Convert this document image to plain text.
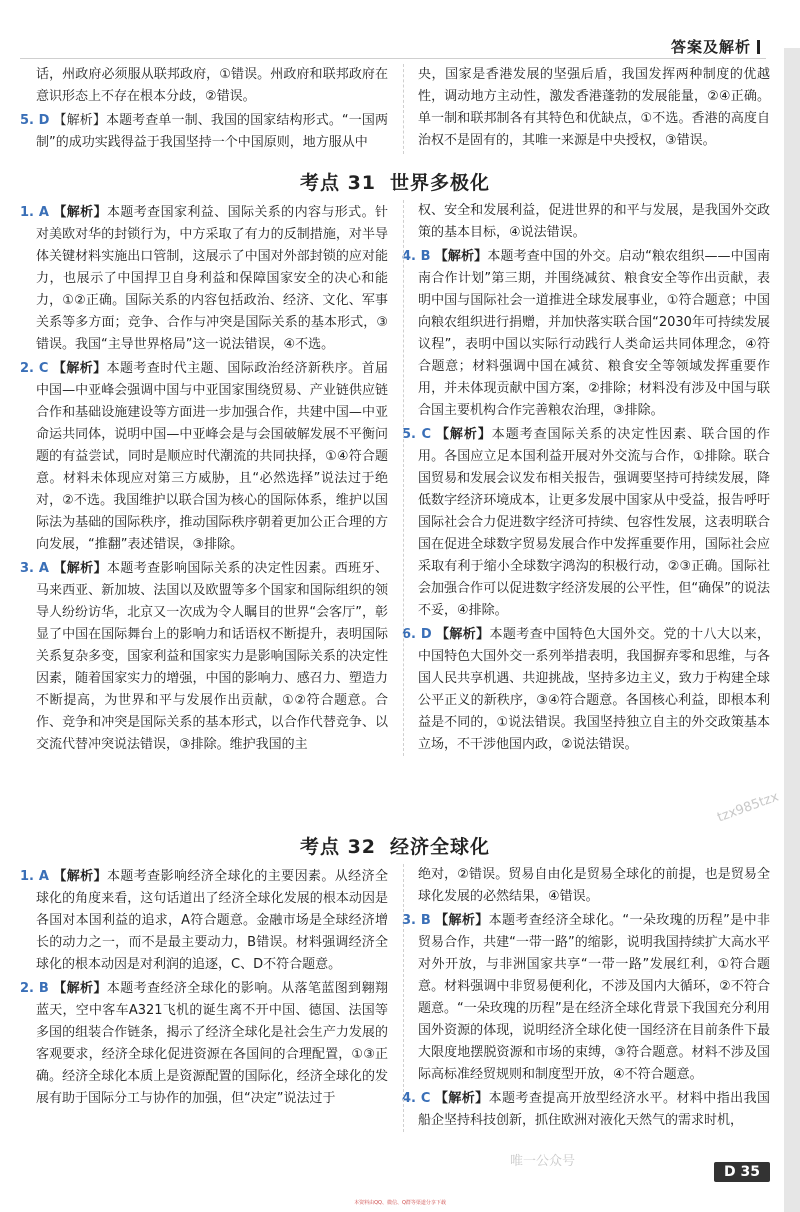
答案及解析

话，州政府必须服从联邦政府，①错误。州政府和联邦政府在意识形态上不存在根本分歧，②错误。

5. D 【解析】本题考查单一制、我国的国家结构形式。“一国两制”的成功实践得益于我国坚持一个中国原则，地方服从中

央，国家是香港发展的坚强后盾，我国发挥两种制度的优越性，调动地方主动性，激发香港蓬勃的发展能量，②④正确。单一制和联邦制各有其特色和优缺点，①不选。香港的高度自治权不是固有的，其唯一来源是中央授权，③错误。

考点 31 世界多极化

1. A 【解析】本题考查国家利益、国际关系的内容与形式。针对美欧对华的封锁行为，中方采取了有力的反制措施，对半导体关键材料实施出口管制，这展示了中国对外部封锁的应对能力，也展示了中国捍卫自身利益和保障国家安全的决心和能力，①②正确。国际关系的内容包括政治、经济、文化、军事关系等多方面；竞争、合作与冲突是国际关系的基本形式，③错误。我国“主导世界格局”这一说法错误，④不选。

2. C 【解析】本题考查时代主题、国际政治经济新秩序。首届中国—中亚峰会强调中国与中亚国家围绕贸易、产业链供应链合作和基础设施建设等方面进一步加强合作，共建中国—中亚命运共同体，说明中国—中亚峰会是与会国破解发展不平衡问题的有益尝试，同时是顺应时代潮流的共同抉择，①④符合题意。材料未体现应对第三方威胁，且“必然选择”说法过于绝对，②不选。我国维护以联合国为核心的国际体系，维护以国际法为基础的国际秩序，推动国际秩序朝着更加公正合理的方向发展，“推翻”表述错误，③排除。

3. A 【解析】本题考查影响国际关系的决定性因素。西班牙、马来西亚、新加坡、法国以及欧盟等多个国家和国际组织的领导人纷纷访华，北京又一次成为令人瞩目的世界“会客厅”，彰显了中国在国际舞台上的影响力和话语权不断提升，表明国际关系复杂多变，国家利益和国家实力是影响国际关系的决定性因素，随着国家实力的增强，中国的影响力、感召力、塑造力不断提高，为世界和平与发展作出贡献，①②符合题意。合作、竞争和冲突是国际关系的基本形式，以合作代替竞争、以交流代替冲突说法错误，③排除。维护我国的主

权、安全和发展利益，促进世界的和平与发展，是我国外交政策的基本目标，④说法错误。

4. B 【解析】本题考查中国的外交。启动“粮农组织——中国南南合作计划”第三期，并围绕减贫、粮食安全等作出贡献，表明中国与国际社会一道推进全球发展事业，①符合题意；中国向粮农组织进行捐赠，并加快落实联合国“2030年可持续发展议程”，表明中国以实际行动践行人类命运共同体理念，④符合题意；材料强调中国在减贫、粮食安全等领域发挥重要作用，并未体现贡献中国方案，②排除；材料没有涉及中国与联合国主要机构合作完善粮农治理，③排除。

5. C 【解析】本题考查国际关系的决定性因素、联合国的作用。各国应立足本国利益开展对外交流与合作，①排除。联合国贸易和发展会议发布相关报告，强调要坚持可持续发展，降低数字经济环境成本，让更多发展中国家从中受益，报告呼吁国际社会合力促进数字经济可持续、包容性发展，这表明联合国在促进全球数字贸易发展合作中发挥重要作用，国际社会应采取有利于缩小全球数字鸿沟的积极行动，②③正确。国际社会加强合作可以促进数字经济发展的公平性，但“确保”的说法不妥，④排除。

6. D 【解析】本题考查中国特色大国外交。党的十八大以来，中国特色大国外交一系列举措表明，我国摒弃零和思维，与各国人民共享机遇、共迎挑战，坚持多边主义，致力于构建全球公平正义的新秩序，③④符合题意。各国核心利益，即根本利益是不同的，①说法错误。我国坚持独立自主的外交政策基本立场，不干涉他国内政，②说法错误。

考点 32 经济全球化

1. A 【解析】本题考查影响经济全球化的主要因素。从经济全球化的角度来看，这句话道出了经济全球化发展的根本动因是各国对本国利益的追求，A符合题意。金融市场是全球经济增长的动力之一，而不是最主要动力，B错误。材料强调经济全球化的根本动因是对利润的追逐，C、D不符合题意。

2. B 【解析】本题考查经济全球化的影响。从落笔蓝图到翱翔蓝天，空中客车A321飞机的诞生离不开中国、德国、法国等多国的组装合作链条，揭示了经济全球化是社会生产力发展的客观要求，经济全球化促进资源在各国间的合理配置，①③正确。经济全球化本质上是资源配置的国际化，经济全球化的发展有助于国际分工与协作的加强，但“决定”说法过于

绝对，②错误。贸易自由化是贸易全球化的前提，也是贸易全球化发展的必然结果，④错误。

3. B 【解析】本题考查经济全球化。“一朵玫瑰的历程”是中非贸易合作，共建“一带一路”的缩影，说明我国持续扩大高水平对外开放，与非洲国家共享“一带一路”发展红利，①符合题意。材料强调中非贸易便利化，不涉及国内大循环，②不符合题意。“一朵玫瑰的历程”是在经济全球化背景下我国充分利用国外资源的体现，说明经济全球化使一国经济在目前条件下最大限度地摆脱资源和市场的束缚，③符合题意。材料不涉及国际高标准经贸规则和制度型开放，④不符合题意。

4. C 【解析】本题考查提高开放型经济水平。材料中指出我国船企坚持科技创新，抓住欧洲对液化天然气的需求时机，

tzx985tzx
唯一公众号
D 35
本资料由QQ、微信、Q群等渠道分享下载
